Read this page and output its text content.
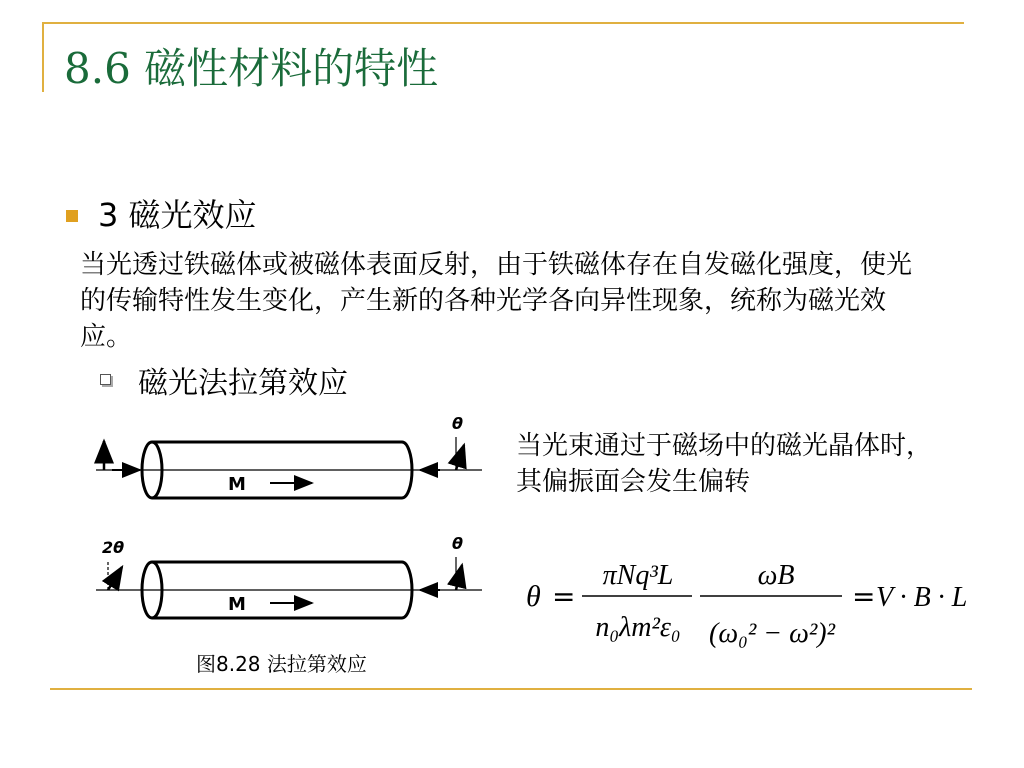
8.6 磁性材料的特性
3 磁光效应
当光透过铁磁体或被磁体表面反射，由于铁磁体存在自发磁化强度，使光的传输特性发生变化，产生新的各种光学各向异性现象，统称为磁光效应。
磁光法拉第效应
当光束通过于磁场中的磁光晶体时，其偏振面会发生偏转
M
θ
M
2θ	θ
图8.28 法拉第效应
θ =
πNq³L
n₀λm²ε₀
ωB
(ω₀² − ω²)²
= V · B · L
